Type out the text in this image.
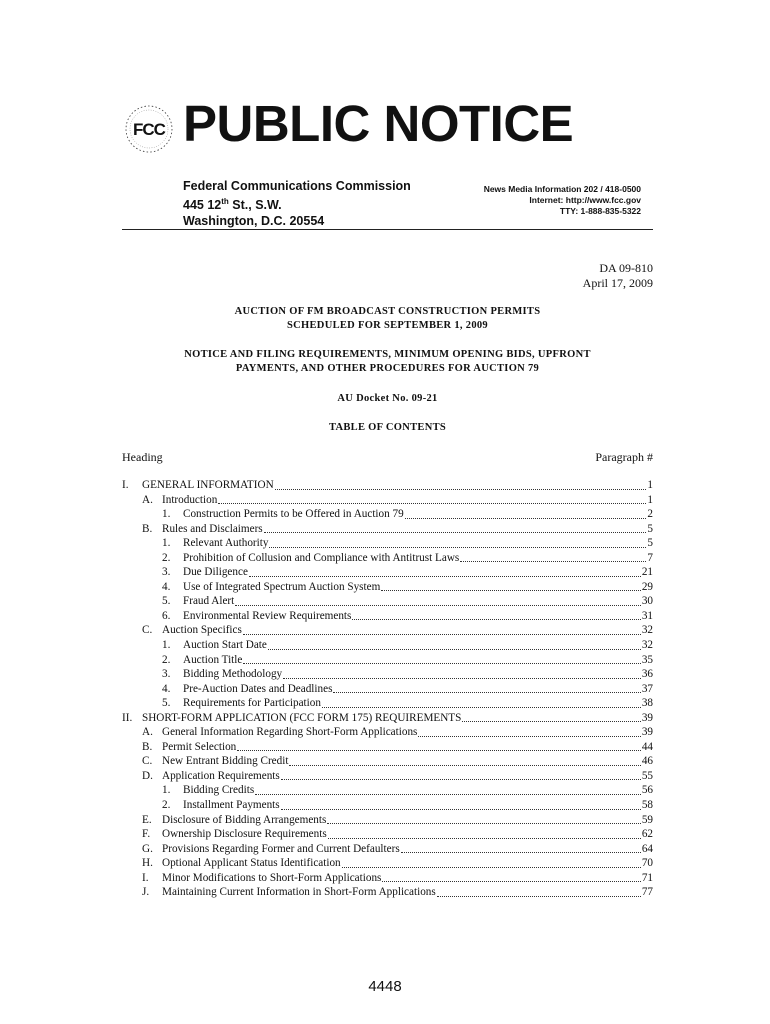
FCC PUBLIC NOTICE
Federal Communications Commission
445 12th St., S.W.
Washington, D.C. 20554
News Media Information 202 / 418-0500
Internet: http://www.fcc.gov
TTY: 1-888-835-5322
DA 09-810
April 17, 2009
AUCTION OF FM BROADCAST CONSTRUCTION PERMITS
SCHEDULED FOR SEPTEMBER 1, 2009
NOTICE AND FILING REQUIREMENTS, MINIMUM OPENING BIDS, UPFRONT
PAYMENTS, AND OTHER PROCEDURES FOR AUCTION 79
AU Docket No. 09-21
TABLE OF CONTENTS
Heading	Paragraph #
I. GENERAL INFORMATION	1
A. Introduction	1
1. Construction Permits to be Offered in Auction 79	2
B. Rules and Disclaimers	5
1. Relevant Authority	5
2. Prohibition of Collusion and Compliance with Antitrust Laws	7
3. Due Diligence	21
4. Use of Integrated Spectrum Auction System	29
5. Fraud Alert	30
6. Environmental Review Requirements	31
C. Auction Specifics	32
1. Auction Start Date	32
2. Auction Title	35
3. Bidding Methodology	36
4. Pre-Auction Dates and Deadlines	37
5. Requirements for Participation	38
II. SHORT-FORM APPLICATION (FCC FORM 175) REQUIREMENTS	39
A. General Information Regarding Short-Form Applications	39
B. Permit Selection	44
C. New Entrant Bidding Credit	46
D. Application Requirements	55
1. Bidding Credits	56
2. Installment Payments	58
E. Disclosure of Bidding Arrangements	59
F. Ownership Disclosure Requirements	62
G. Provisions Regarding Former and Current Defaulters	64
H. Optional Applicant Status Identification	70
I. Minor Modifications to Short-Form Applications	71
J. Maintaining Current Information in Short-Form Applications	77
4448
